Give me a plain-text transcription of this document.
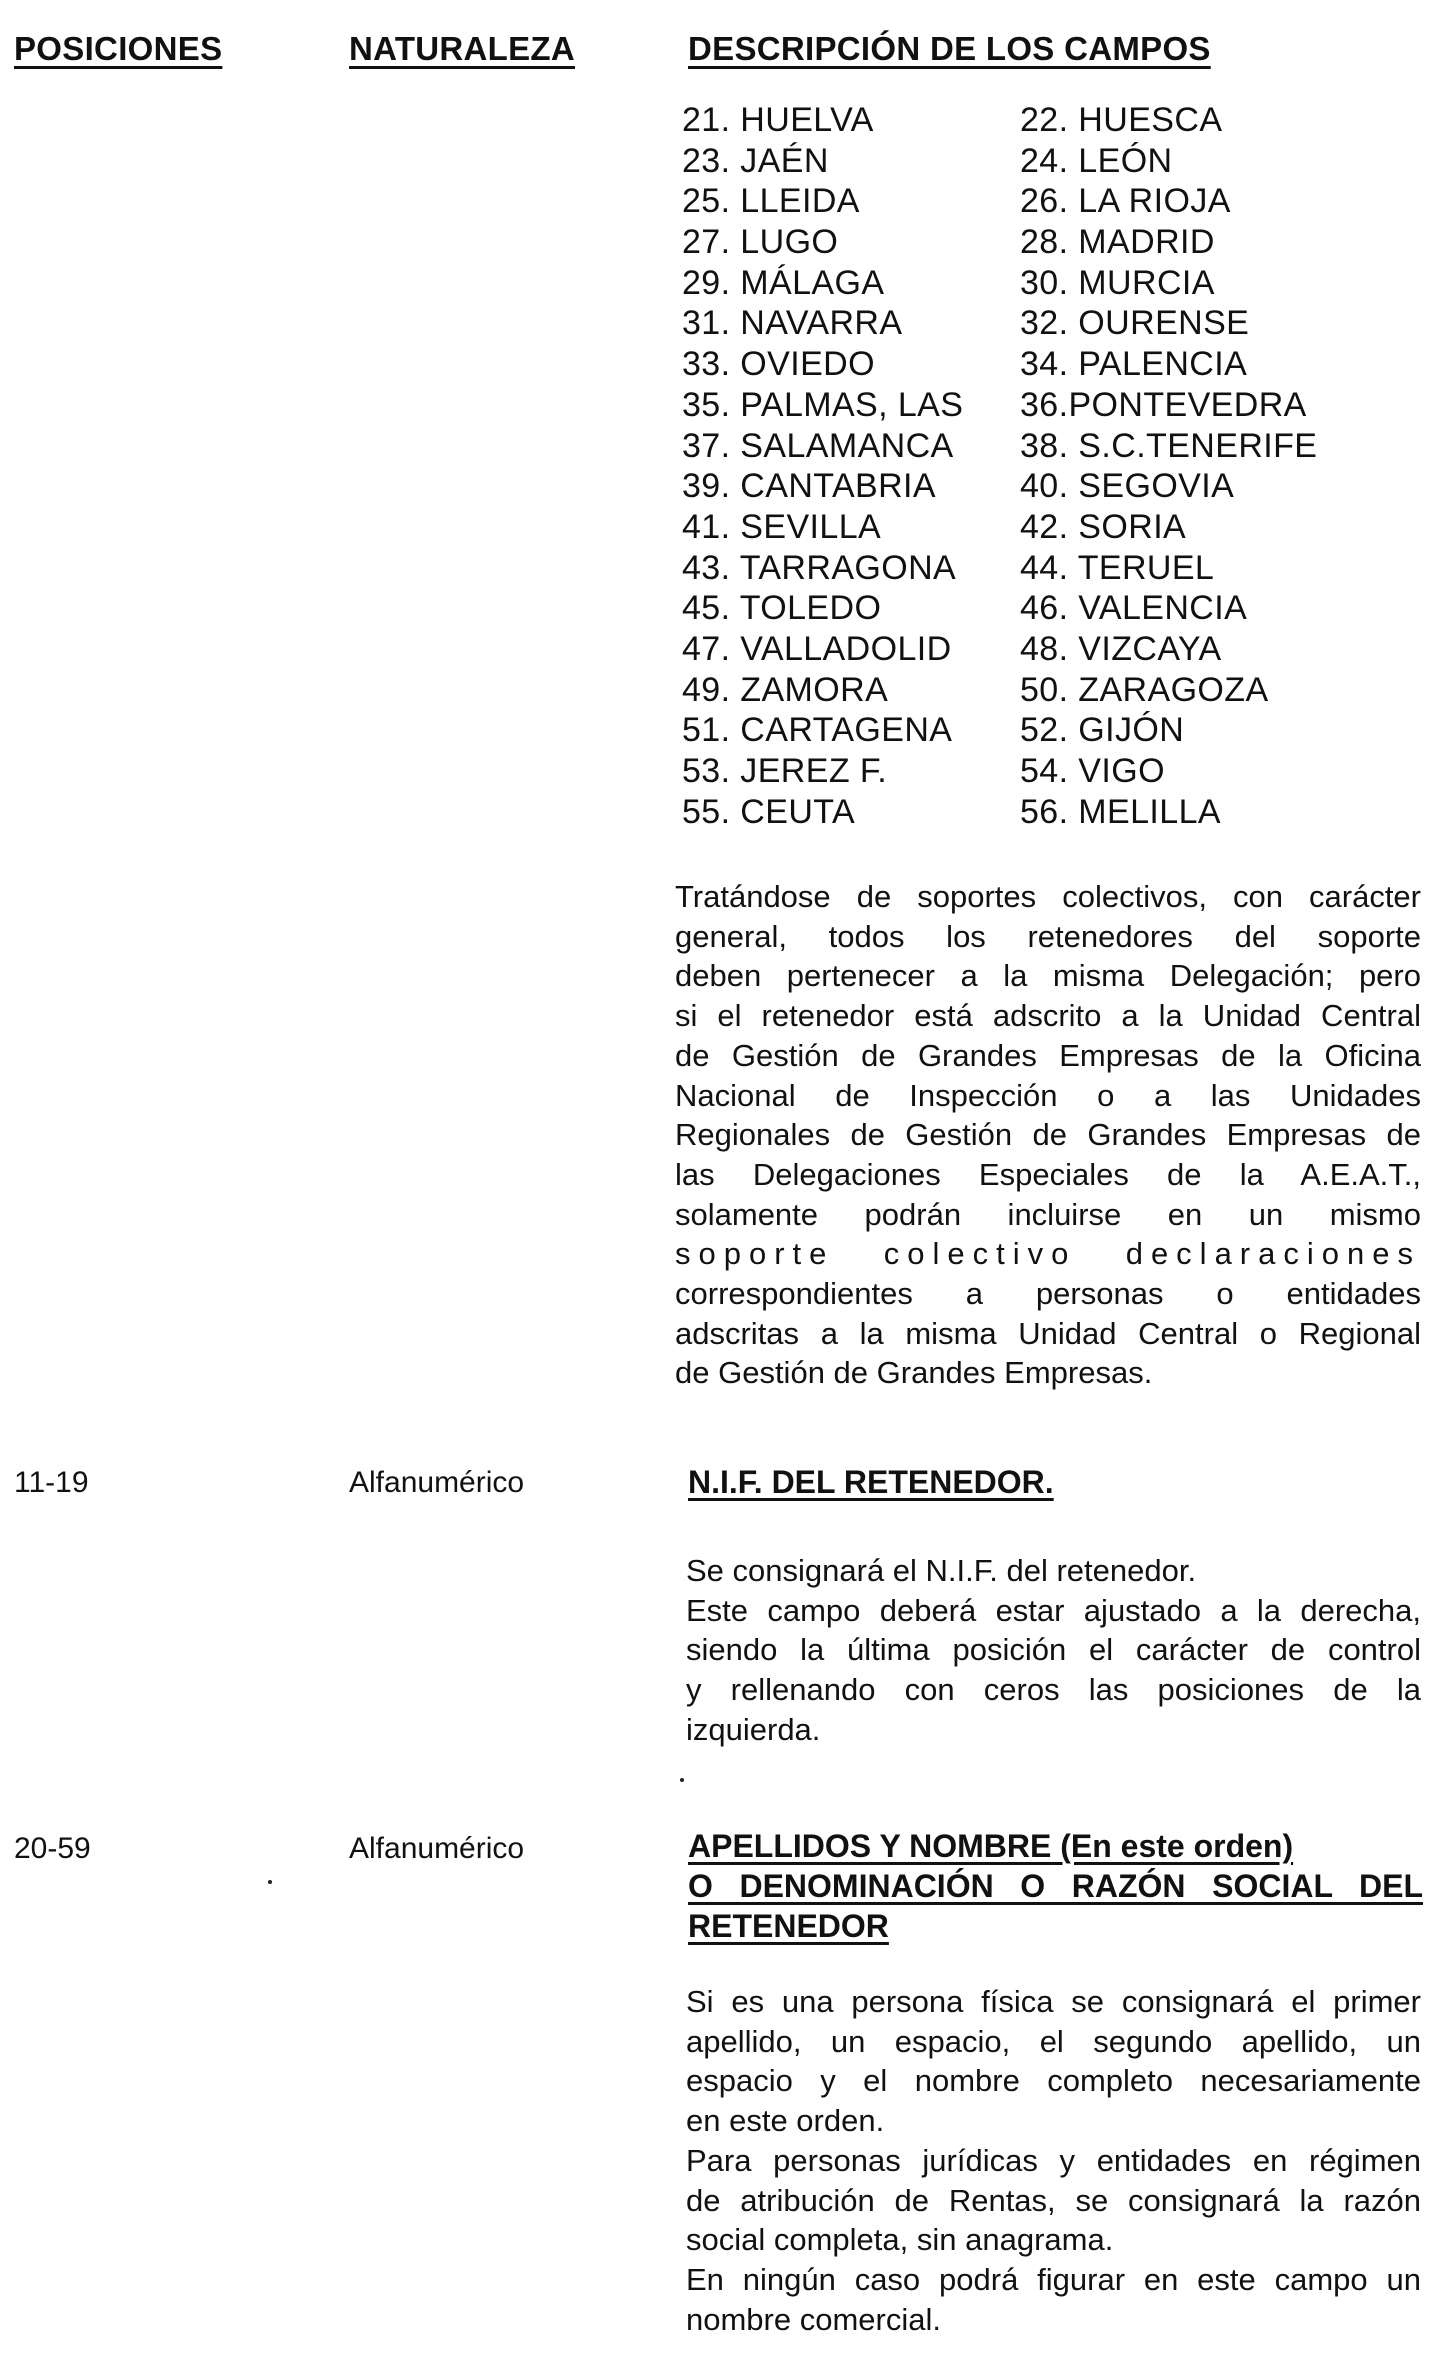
POSICIONES	NATURALEZA	DESCRIPCIÓN DE LOS CAMPOS
21. HUELVA	22. HUESCA
23. JAÉN	24. LEÓN
25. LLEIDA	26. LA RIOJA
27. LUGO	28. MADRID
29. MÁLAGA	30. MURCIA
31. NAVARRA	32. OURENSE
33. OVIEDO	34. PALENCIA
35. PALMAS, LAS	36.PONTEVEDRA
37. SALAMANCA	38. S.C.TENERIFE
39. CANTABRIA	40. SEGOVIA
41. SEVILLA	42. SORIA
43. TARRAGONA	44. TERUEL
45. TOLEDO	46. VALENCIA
47. VALLADOLID	48. VIZCAYA
49. ZAMORA	50. ZARAGOZA
51. CARTAGENA	52. GIJÓN
53. JEREZ F.	54. VIGO
55. CEUTA	56. MELILLA

Tratándose de soportes colectivos, con carácter

general, todos los retenedores del soporte

deben pertenecer a la misma Delegación; pero

si el retenedor está adscrito a la Unidad Central

de Gestión de Grandes Empresas de la Oficina

Nacional de Inspección o a las Unidades

Regionales de Gestión de Grandes Empresas de

las Delegaciones Especiales de la A.E.A.T.,

solamente podrán incluirse en un mismo

soporte colectivo declaraciones

correspondientes a personas o entidades

adscritas a la misma Unidad Central o Regional

de Gestión de Grandes Empresas.

11-19	Alfanumérico	N.I.F. DEL RETENEDOR.

Se consignará el N.I.F. del retenedor.

Este campo deberá estar ajustado a la derecha,

siendo la última posición el carácter de control

y rellenando con ceros las posiciones de la

izquierda.

20-59	Alfanumérico	APELLIDOS Y NOMBRE (En este orden)
O DENOMINACIÓN O RAZÓN SOCIAL DEL
RETENEDOR

Si es una persona física se consignará el primer

apellido, un espacio, el segundo apellido, un

espacio y el nombre completo necesariamente

en este orden.

Para personas jurídicas y entidades en régimen

de atribución de Rentas, se consignará la razón

social completa, sin anagrama.

En ningún caso podrá figurar en este campo un

nombre comercial.
